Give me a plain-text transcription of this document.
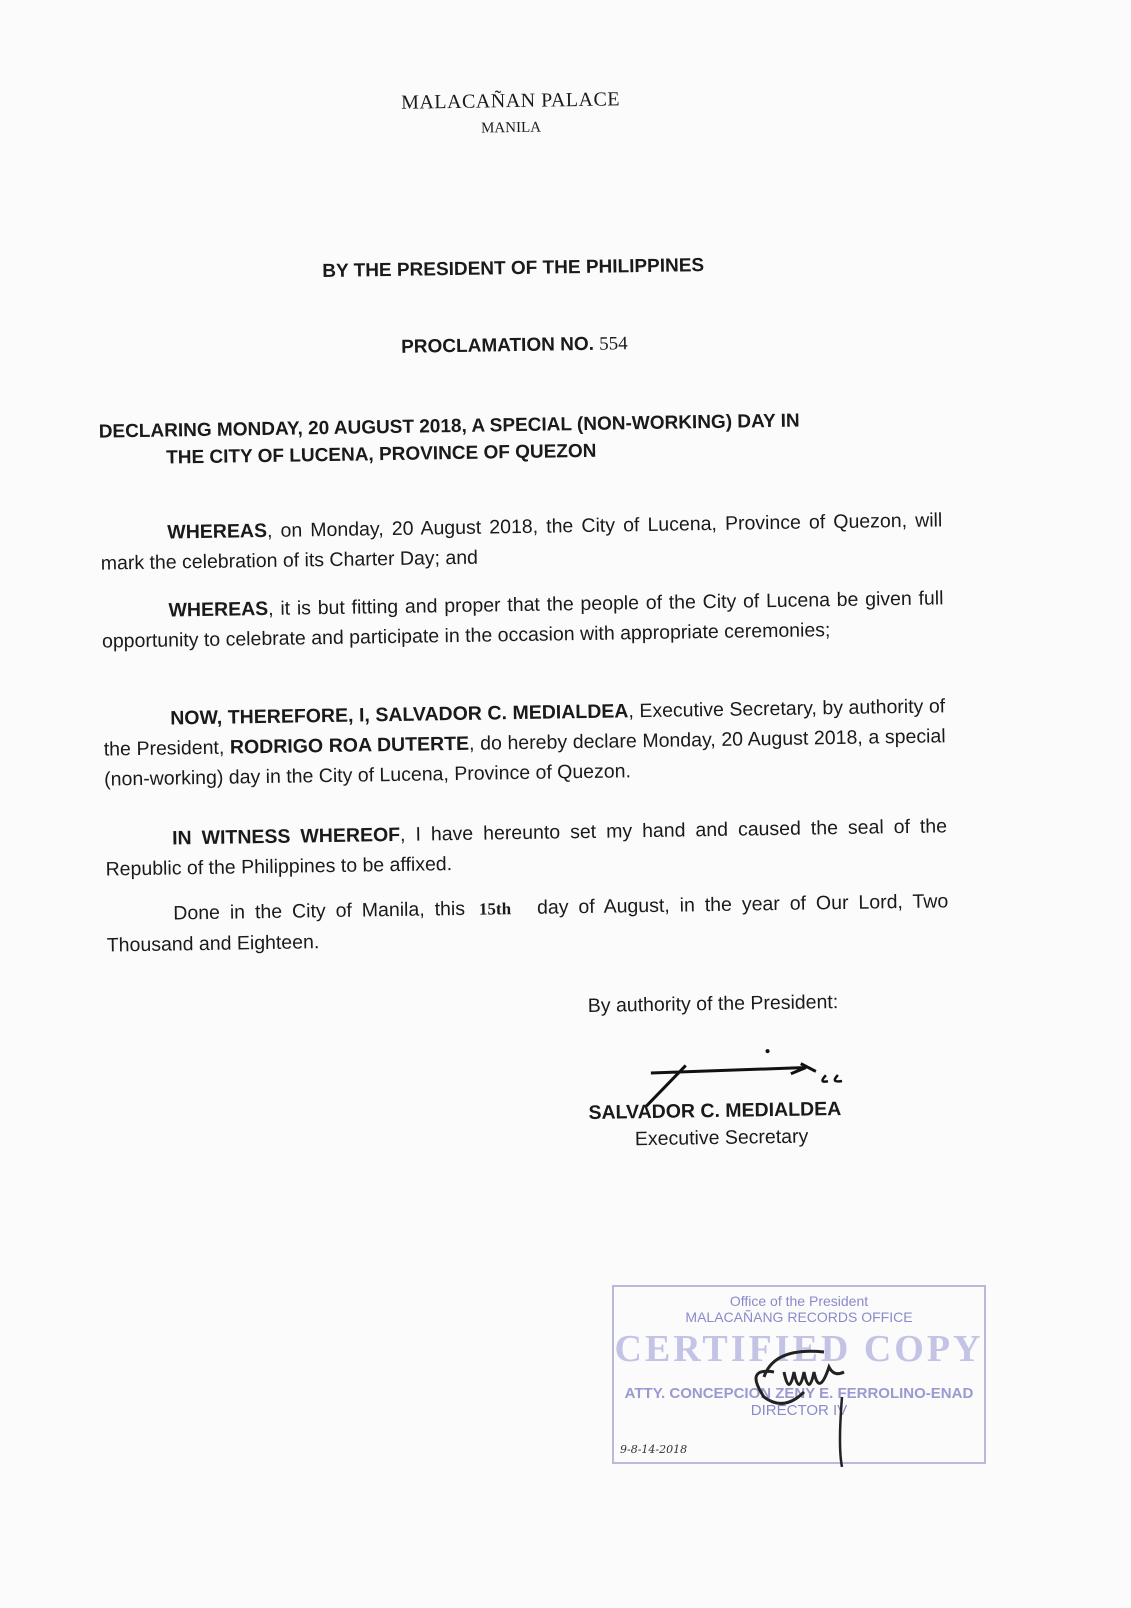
MALACAÑAN PALACE
MANILA
BY THE PRESIDENT OF THE PHILIPPINES
PROCLAMATION NO. 554
DECLARING MONDAY, 20 AUGUST 2018, A SPECIAL (NON-WORKING) DAY IN
THE CITY OF LUCENA, PROVINCE OF QUEZON
WHEREAS, on Monday, 20 August 2018, the City of Lucena, Province of Quezon, will mark the celebration of its Charter Day; and
WHEREAS, it is but fitting and proper that the people of the City of Lucena be given full opportunity to celebrate and participate in the occasion with appropriate ceremonies;
NOW, THEREFORE, I, SALVADOR C. MEDIALDEA, Executive Secretary, by authority of the President, RODRIGO ROA DUTERTE, do hereby declare Monday, 20 August 2018, a special (non-working) day in the City of Lucena, Province of Quezon.
IN WITNESS WHEREOF, I have hereunto set my hand and caused the seal of the Republic of the Philippines to be affixed.
Done in the City of Manila, this 15th day of August, in the year of Our Lord, Two Thousand and Eighteen.
By authority of the President:
SALVADOR C. MEDIALDEA
Executive Secretary
Office of the President
MALACAÑANG RECORDS OFFICE
CERTIFIED COPY
ATTY. CONCEPCION ZENY E. FERROLINO-ENAD
DIRECTOR IV
9-8-14-2018
